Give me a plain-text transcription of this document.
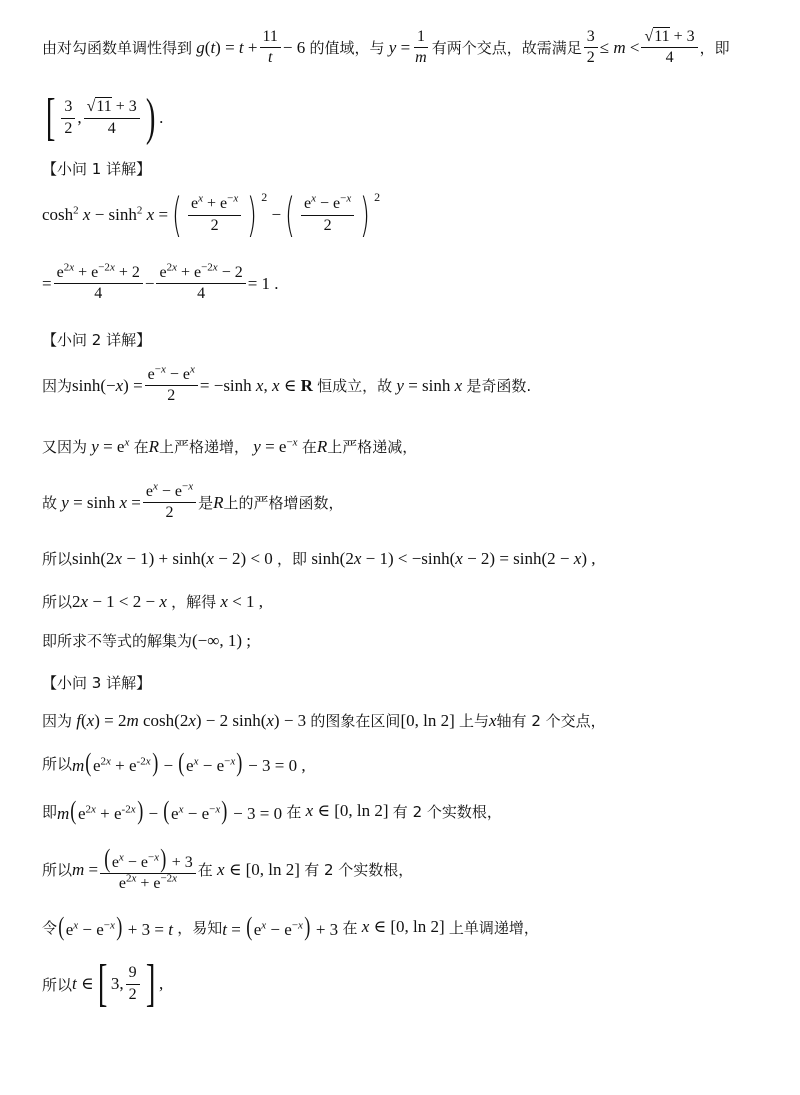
由对勾函数单调性得到 $g(t) = t + \frac{11}{t} - 6$ 的值域，与 $y = \frac{1}{m}$ 有两个交点，故需满足 $\frac{3}{2} \le m < \frac{√11 + 3}{4}$ ，即
[ $\frac{3}{2}$ , $\frac{√11 + 3}{4}$ ) .
【小问 1 详解】
$\cosh^2 x - \sinh^2 x$ = ( $\frac{e^x + e^{-x}}{2}$ ) 2
− ( $\frac{e^x - e^{-x}}{2}$ ) 2
= $\frac{e^{2x} + e^{-2x} + 2}{4} - \frac{e^{2x} + e^{-2x} - 2}{4} = 1$ .
【小问 2 详解】
因为 $\sinh(-x) = \frac{e^{-x} - e^x}{2} = -\sinh$ x, x ∈ R 恒成立，故 y = sinh x 是奇函数.
又因为 $y = e^x$ 在 R 上严格递增， $y = e^{-x}$ 在 R 上严格递减，
故 $y = \sinh x = \frac{e^x - e^{-x}}{2}$ 是 R 上的严格增函数，
所以 sinh(2x − 1) + sinh(x − 2) < 0 ，即 sinh(2x − 1) < −sinh(x − 2) = sinh(2 − x) ,
所以 2x − 1 < 2 − x ，解得 x < 1 ,
即所求不等式的解集为 (−∞, 1) ;
【小问 3 详解】
因为 f(x) = 2m cosh(2x) − 2 sinh(x) − 3 的图象在区间 [0, ln 2] 上与 x 轴有 2 个交点，
所以 $m(e^{2x} + e^{-2x}) - (e^x - e^{-x}) - 3 = 0$ ,
即 $m(e^{2x} + e^{-2x}) - (e^x - e^{-x}) - 3 = 0$ 在 x ∈ [0, ln 2] 有 2 个实数根，
所以 $m = \frac{(e^x - e^{-x}) + 3}{e^{2x} + e^{-2x}}$ 在 x ∈ [0, ln 2] 有 2 个实数根，
令 $(e^x - e^{-x}) + 3 = t$ ，易知 $t = (e^x - e^{-x}) + 3$ 在 x ∈ [0, ln 2] 上单调递增，
所以 t ∈ [ 3, $\frac{9}{2}$ ] ,
